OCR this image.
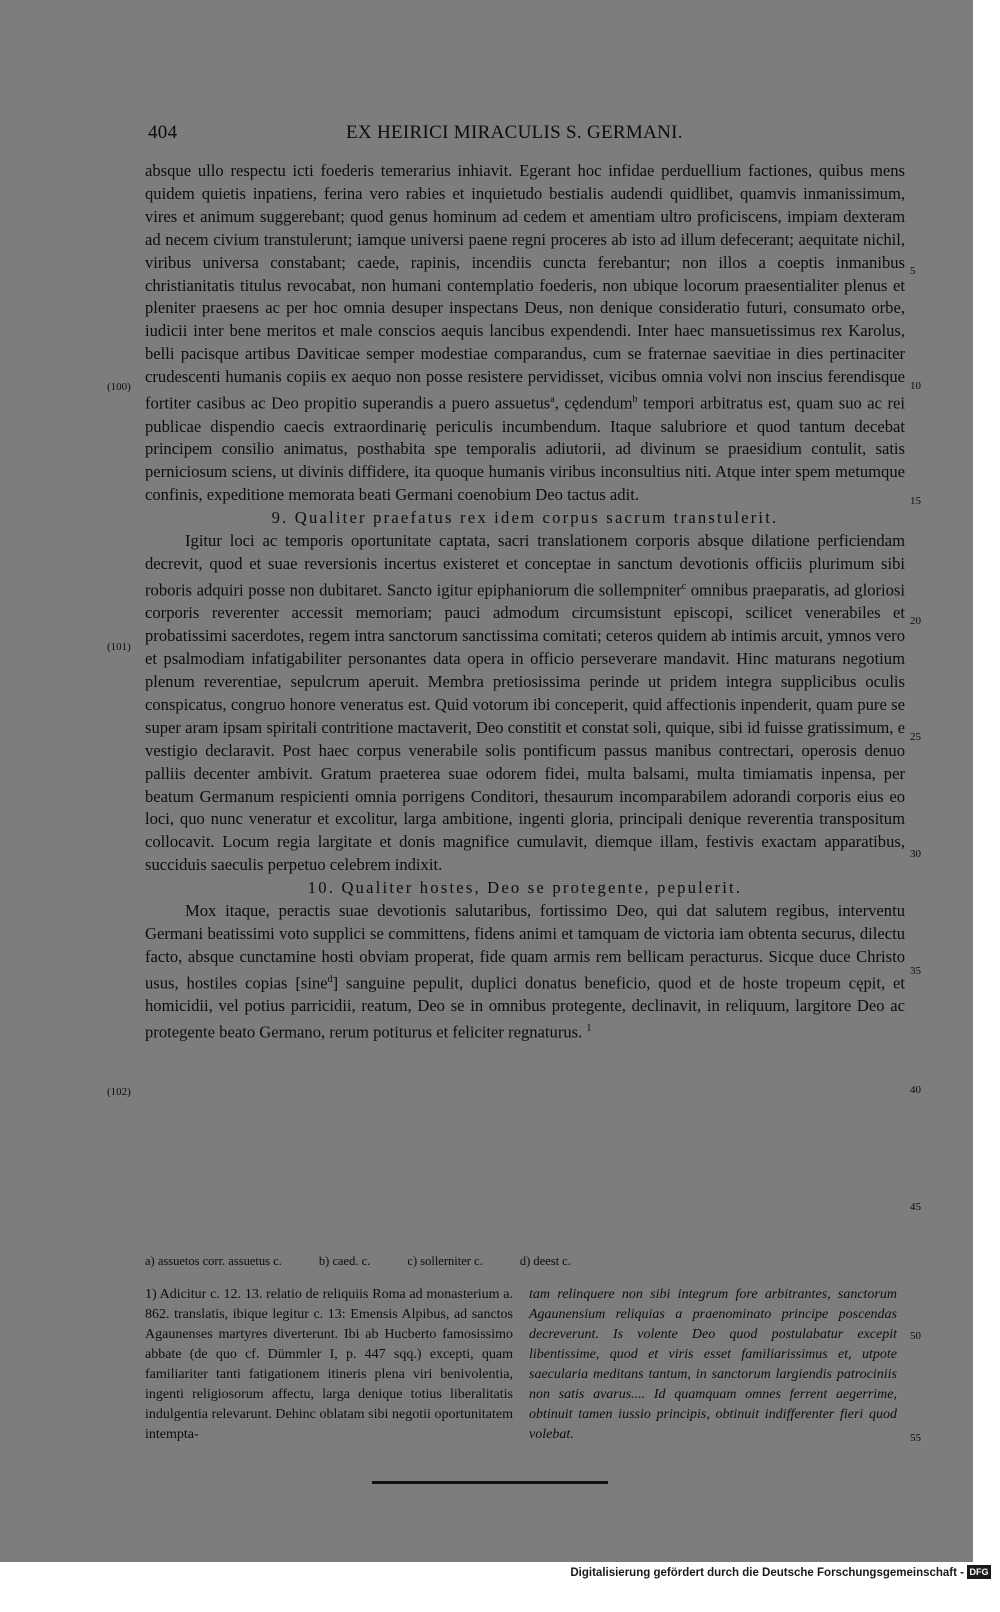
404	EX HEIRICI MIRACULIS S. GERMANI.

absque ullo respectu icti foederis temerarius inhiavit. Egerant hoc infidae perduellium factiones, quibus mens quidem quietis inpatiens, ferina vero rabies et inquietudo bestialis audendi quidlibet, quamvis inmanissimum, vires et animum suggerebant; quod genus hominum ad cedem et amentiam ultro proficiscens, impiam dexteram ad necem civium transtulerunt; iamque universi paene regni proceres ab isto ad illum defecerant; aequitate nichil, viribus universa constabant; caede, rapinis, incendiis cuncta ferebantur; non illos a coeptis inmanibus christianitatis titulus revocabat, non humani contemplatio foederis, non ubique locorum praesentialiter plenus et pleniter praesens ac per hoc omnia desuper inspectans Deus, non denique consideratio futuri, consumato orbe, iudicii inter bene meritos et male conscios aequis lancibus expendendi. Inter haec mansuetissimus rex Karolus, belli pacisque artibus Daviticae semper modestiae comparandus, cum se fraternae saevitiae in dies pertinaciter crudescenti humanis copiis ex aequo non posse resistere pervidisset, vicibus omnia volvi non inscius ferendisque fortiter casibus ac Deo propitio superandis a puero assuetus$^a$, cędendum$^b$ tempori arbitratus est, quam suo ac rei publicae dispendio caecis extraordinarię periculis incumbendum. Itaque salubriore et quod tantum decebat principem consilio animatus, posthabita spe temporalis adiutorii, ad divinum se praesidium contulit, satis perniciosum sciens, ut divinis diffidere, ita quoque humanis viribus inconsultius niti. Atque inter spem metumque confinis, expeditione memorata beati Germani coenobium Deo tactus adit.

9. Qualiter praefatus rex idem corpus sacrum transtulerit.

Igitur loci ac temporis oportunitate captata, sacri translationem corporis absque dilatione perficiendam decrevit, quod et suae reversionis incertus existeret et conceptae in sanctum devotionis officiis plurimum sibi roboris adquiri posse non dubitaret. Sancto igitur epiphaniorum die sollempniter$^c$ omnibus praeparatis, ad gloriosi corporis reverenter accessit memoriam; pauci admodum circumsistunt episcopi, scilicet venerabiles et probatissimi sacerdotes, regem intra sanctorum sanctissima comitati; ceteros quidem ab intimis arcuit, ymnos vero et psalmodiam infatigabiliter personantes data opera in officio perseverare mandavit. Hinc maturans negotium plenum reverentiae, sepulcrum aperuit. Membra pretiosissima perinde ut pridem integra supplicibus oculis conspicatus, congruo honore veneratus est. Quid votorum ibi conceperit, quid affectionis inpenderit, quam pure se super aram ipsam spiritali contritione mactaverit, Deo constitit et constat soli, quique, sibi id fuisse gratissimum, e vestigio declaravit. Post haec corpus venerabile solis pontificum passus manibus contrectari, operosis denuo palliis decenter ambivit. Gratum praeterea suae odorem fidei, multa balsami, multa timiamatis inpensa, per beatum Germanum respicienti omnia porrigens Conditori, thesaurum incomparabilem adorandi corporis eius eo loci, quo nunc veneratur et excolitur, larga ambitione, ingenti gloria, principali denique reverentia transpositum collocavit. Locum regia largitate et donis magnifice cumulavit, diemque illam, festivis exactam apparatibus, succiduis saeculis perpetuo celebrem indixit.

10. Qualiter hostes, Deo se protegente, pepulerit.

Mox itaque, peractis suae devotionis salutaribus, fortissimo Deo, qui dat salutem regibus, interventu Germani beatissimi voto supplici se committens, fidens animi et tamquam de victoria iam obtenta securus, dilectu facto, absque cunctamine hosti obviam properat, fide quam armis rem bellicam peracturus. Sicque duce Christo usus, hostiles copias [sine$^d$] sanguine pepulit, duplici donatus beneficio, quod et de hoste tropeum cępit, et homicidii, vel potius parricidii, reatum, Deo se in omnibus protegente, declinavit, in reliquum, largitore Deo ac protegente beato Germano, rerum potiturus et feliciter regnaturus. $^1$

(100)
(101)
(102)
5
10
15
20
25
30
35
40
45
50
55
a) assuetos corr. assuetus c.	b) caed. c.	c) sollerniter c.	d) deest c.

1) Adicitur c. 12. 13. relatio de reliquiis Roma ad monasterium a. 862. translatis, ibique legitur c. 13: Emensis Alpibus, ad sanctos Agaunenses martyres diverterunt. Ibi ab Hucberto famosissimo abbate (de quo cf. Dümmler I, p. 447 sqq.) excepti, quam familiariter tanti fatigationem itineris plena viri benivolentia, ingenti religiosorum affectu, larga denique totius liberalitatis indulgentia relevarunt. Dehinc oblatam sibi negotii oportunitatem intempta-

tam relinquere non sibi integrum fore arbitrantes, sanctorum Agaunensium reliquias a praenominato principe poscendas decreverunt. Is volente Deo quod postulabatur excepit libentissime, quod et viris esset familiarissimus et, utpote saecularia meditans tantum, in sanctorum largiendis patrociniis non satis avarus.... Id quamquam omnes ferrent aegerrime, obtinuit tamen iussio principis, obtinuit indifferenter fieri quod volebat.

Digitalisierung gefördert durch die Deutsche Forschungsgemeinschaft - DFG
